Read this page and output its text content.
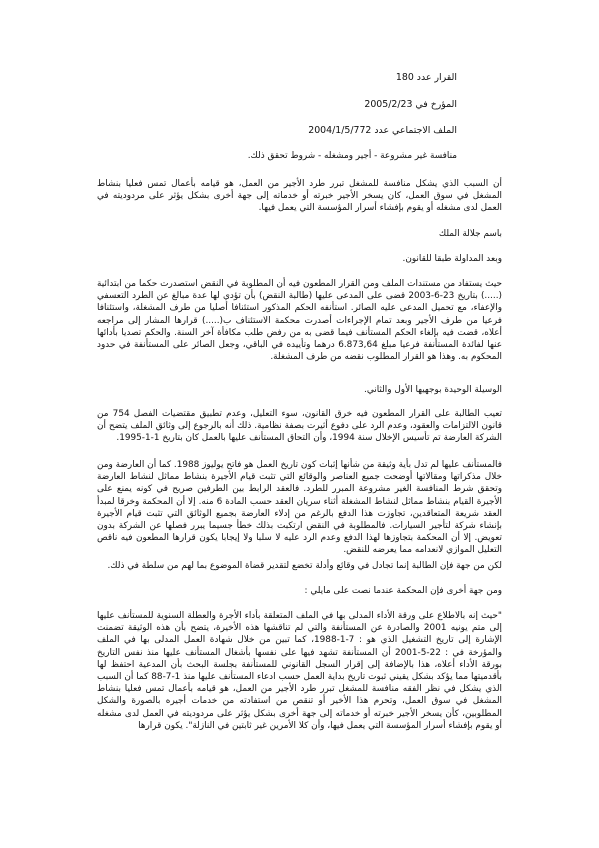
القرار عدد 180

المؤرخ في 2005/2/23

الملف الاجتماعي عدد 2004/1/5/772

منافسة غير مشروعة - أجير ومشغله - شروط تحقق ذلك.

أن السبب الذي يشكل منافسة للمشغل تبرر طرد الأجير من العمل، هو قيامه بأعمال تمس فعليا بنشاط المشغل في سوق العمل، كان يسخر الأجير خبرته أو خدماته إلى جهة أخرى بشكل يؤثر على مردوديته في العمل لدى مشغله أو يقوم بإفشاء أسرار المؤسسة التي يعمل فيها.

باسم جلالة الملك

وبعد المداولة طبقا للقانون.

حيث يستفاد من مستندات الملف ومن القرار المطعون فيه أن المطلوبة في النقض استصدرت حكما من ابتدائية (.....) بتاريخ 23-6-2003 قضى على المدعى عليها (طالبة النقض) بأن تؤدي لها عدة مبالغ عن الطرد التعسفي والإعفاء، مع تحميل المدعى عليه الصائر. استأنفه الحكم المذكور استئنافا أصليا من طرف المشغلة، واستئنافا فرعيا من طرف الأجير وبعد تمام الإجراءات أصدرت محكمة الاستئناف ب(.....) قرارها المشار إلى مراجعه أعلاه، قضت فيه بإلغاء الحكم المستأنف فيما قضى به من رفض طلب مكافأة آخر السنة. والحكم تصديا بأدائها عنها لفائدة المستأنفة فرعيا مبلغ 6.873,64 درهما وتأييده في الباقي، وجعل الصائر على المستأنفة في حدود المحكوم به. وهذا هو القرار المطلوب نقضه من طرف المشغلة.

الوسيلة الوحيدة بوجهيها الأول والثاني.

تعيب الطالبة على القرار المطعون فيه خرق القانون، سوء التعليل، وعدم تطبيق مقتضيات الفصل 754 من قانون الالتزامات والعقود، وعدم الرد على دفوع أثيرت بصفة نظامية. ذلك أنه بالرجوع إلى وثائق الملف يتضح أن الشركة العارضة تم تأسيس الإخلال سنة 1994، وأن التحاق المستأنف عليها بالعمل كان بتاريخ 1-1-1995.

فالمستأنف عليها لم تدل بأية وثيقة من شأنها إثبات كون تاريخ العمل هو فاتح يوليوز 1988. كما أن العارضة ومن خلال مذكراتها ومقالاتها أوضحت جميع العناصر والوقائع التي تثبت قيام الأجيرة بنشاط مماثل لنشاط العارضة وتحقق شرط المنافسة الغير مشروعة المبرر للطرد. فالعقد الرابط بين الطرفين صريح في كونه يمنع على الأجيرة القيام بنشاط مماثل لنشاط المشغلة أثناء سريان العقد حسب المادة 6 منه. إلا أن المحكمة وخرقا لمبدأ العقد شريعة المتعاقدين، تجاوزت هذا الدفع بالرغم من إدلاء العارضة بجميع الوثائق التي تثبت قيام الأجيرة بإنشاء شركة لتأجير السيارات. فالمطلوبة في النقض ارتكبت بذلك خطأ جسيما يبرر فصلها عن الشركة بدون تعويض. إلا أن المحكمة بتجاوزها لهذا الدفع وعدم الرد عليه لا سلبا ولا إيجابا يكون قرارها المطعون فيه ناقص التعليل الموازي لانعدامه مما يعرضه للنقض.

لكن من جهة فإن الطالبة إنما تجادل في وقائع وأدلة تخضع لتقدير قضاة الموضوع بما لهم من سلطة في ذلك.

ومن جهة أخرى فإن المحكمة عندما نصت على مايلي :

"حيث إنه بالاطلاع على ورقة الأداء المدلى بها في الملف المتعلقة بأداء الأجرة والعطلة السنوية للمستأنف عليها إلى متم يونيه 2001 والصادرة عن المستأنفة والتي لم تناقشها هذه الأخيرة، يتضح بأن هذه الوثيقة تضمنت الإشارة إلى تاريخ التشغيل الذي هو : 7-1-1988، كما تبين من خلال شهادة العمل المدلى بها في الملف والمؤرخة في : 22-5-2001 أن المستأنفة تشهد فيها على نفسها بأشغال المستأنف عليها منذ نفس التاريخ بورقة الأداء أعلاه، هذا بالإضافة إلى إقرار السجل القانوني للمستأنفة بجلسة البحث بأن المدعية احتفظ لها بأقدميتها مما يؤكد بشكل يقيني ثبوت تاريخ بداية العمل حسب ادعاء المستأنف عليها منذ 1-7-88 كما أن السبب الذي يشكل في نظر الفقه منافسة للمشغل تبرر طرد الأجير من العمل، هو قيامه بأعمال تمس فعليا بنشاط المشغل في سوق العمل، وتحرم هذا الأخير أو تنقص من استفادته من خدمات أجيره بالصورة والشكل المطلوبين، كأن يسخر الأجير خبرته أو خدماته إلى جهة أخرى بشكل يؤثر على مردوديته في العمل لدى مشغله أو يقوم بإفشاء أسرار المؤسسة التي يعمل فيها، وأن كلا الأمرين غير ثابتين في النازلة". يكون قرارها
